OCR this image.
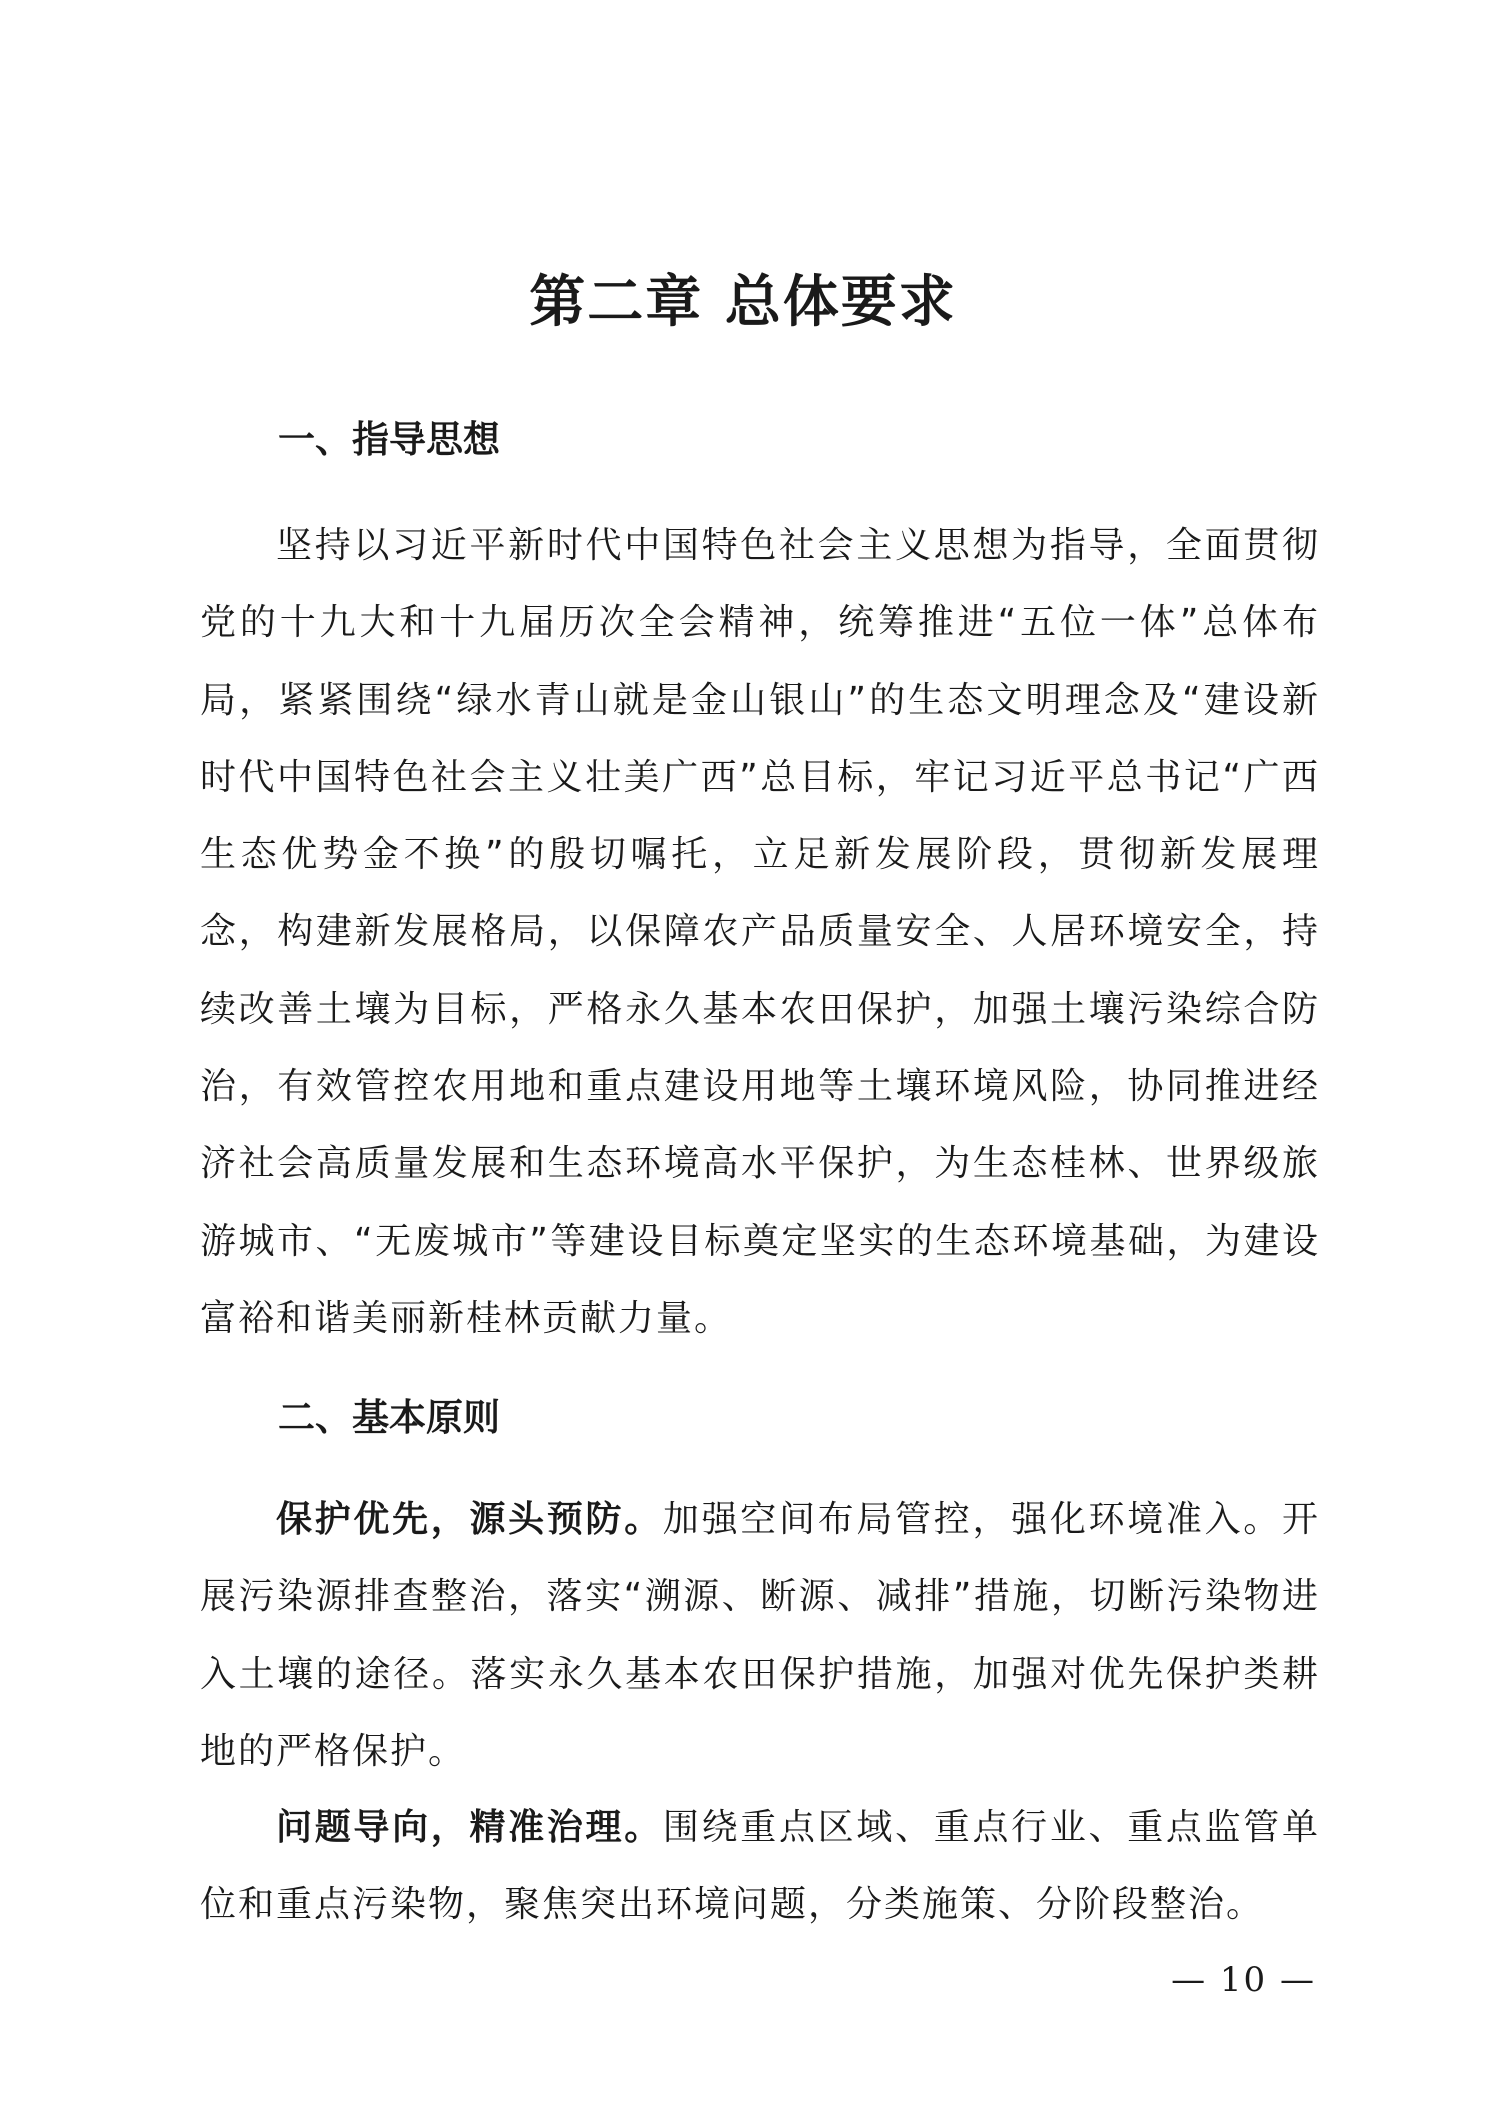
第二章 总体要求
一、指导思想

坚持以习近平新时代中国特色社会主义思想为指导，全面贯彻党的十九大和十九届历次全会精神，统筹推进“五位一体”总体布局，紧紧围绕“绿水青山就是金山银山”的生态文明理念及“建设新时代中国特色社会主义壮美广西”总目标，牢记习近平总书记“广西生态优势金不换”的殷切嘱托，立足新发展阶段，贯彻新发展理念，构建新发展格局，以保障农产品质量安全、人居环境安全，持续改善土壤为目标，严格永久基本农田保护，加强土壤污染综合防治，有效管控农用地和重点建设用地等土壤环境风险，协同推进经济社会高质量发展和生态环境高水平保护，为生态桂林、世界级旅游城市、“无废城市”等建设目标奠定坚实的生态环境基础，为建设富裕和谐美丽新桂林贡献力量。

二、基本原则

保护优先，源头预防。加强空间布局管控，强化环境准入。开展污染源排查整治，落实“溯源、断源、减排”措施，切断污染物进入土壤的途径。落实永久基本农田保护措施，加强对优先保护类耕地的严格保护。

问题导向，精准治理。围绕重点区域、重点行业、重点监管单位和重点污染物，聚焦突出环境问题，分类施策、分阶段整治。

— 10 —
